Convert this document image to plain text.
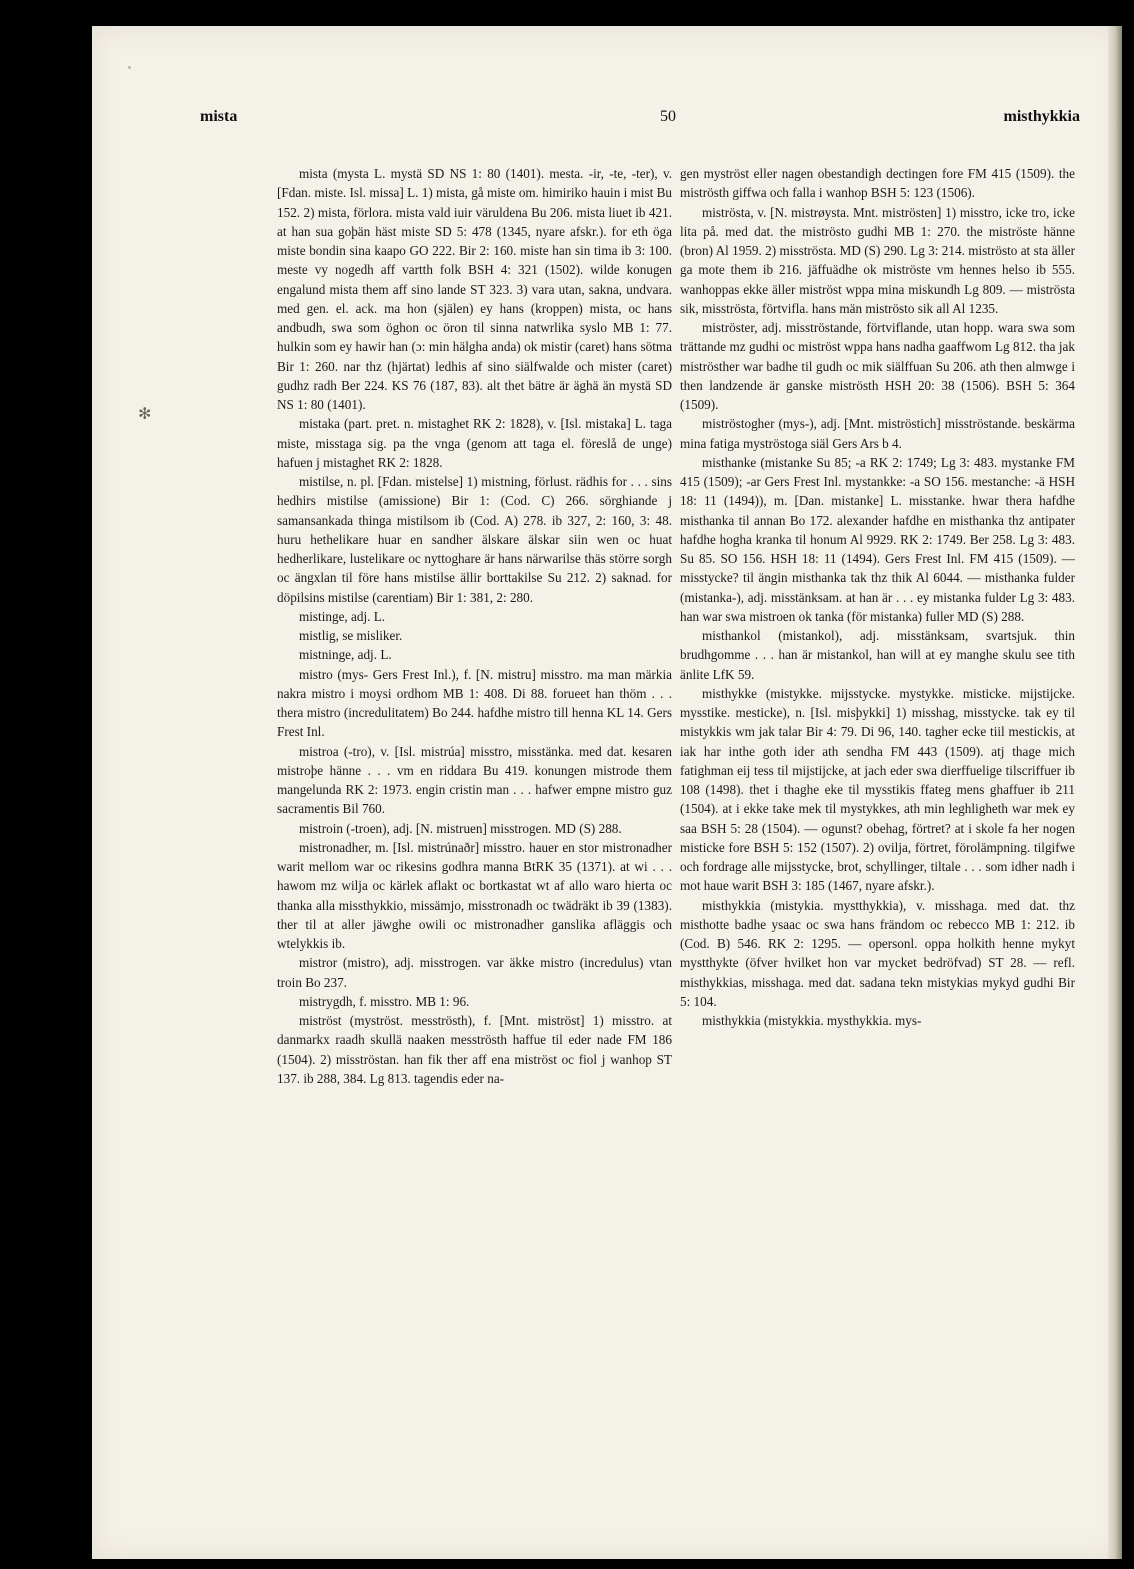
✻
mista	50	misthykkia

mista (mysta L. mystä SD NS 1: 80 (1401). mesta. -ir, -te, -ter), v. [Fdan. miste. Isl. missa] L. 1) mista, gå miste om. himiriko hauin i mist Bu 152. 2) mista, förlora. mista vald iuir väruldena Bu 206. mista liuet ib 421. at han sua goþän häst miste SD 5: 478 (1345, nyare afskr.). for eth öga miste bondin sina kaapo GO 222. Bir 2: 160. miste han sin tima ib 3: 100. meste vy nogedh aff vartth folk BSH 4: 321 (1502). wilde konugen engalund mista them aff sino lande ST 323. 3) vara utan, sakna, undvara. med gen. el. ack. ma hon (själen) ey hans (kroppen) mista, oc hans andbudh, swa som öghon oc öron til sinna natwrlika syslo MB 1: 77. hulkin som ey hawir han (ɔ: min hälgha anda) ok mistir (caret) hans sötma Bir 1: 260. nar thz (hjärtat) ledhis af sino siälfwalde och mister (caret) gudhz radh Ber 224. KS 76 (187, 83). alt thet bätre är äghä än mystä SD NS 1: 80 (1401).

mistaka (part. pret. n. mistaghet RK 2: 1828), v. [Isl. mistaka] L. taga miste, misstaga sig. pa the vnga (genom att taga el. föreslå de unge) hafuen j mistaghet RK 2: 1828.

mistilse, n. pl. [Fdan. mistelse] 1) mistning, förlust. rädhis for . . . sins hedhirs mistilse (amissione) Bir 1: (Cod. C) 266. sörghiande j samansankada thinga mistilsom ib (Cod. A) 278. ib 327, 2: 160, 3: 48. huru hethelikare huar en sandher älskare älskar siin wen oc huat hedherlikare, lustelikare oc nyttoghare är hans närwarilse thäs större sorgh oc ängxlan til före hans mistilse ällir borttakilse Su 212. 2) saknad. for döpilsins mistilse (carentiam) Bir 1: 381, 2: 280.

mistinge, adj. L.

mistlig, se misliker.

mistninge, adj. L.

mistro (mys- Gers Frest Inl.), f. [N. mistru] misstro. ma man märkia nakra mistro i moysi ordhom MB 1: 408. Di 88. forueet han thöm . . . thera mistro (incredulitatem) Bo 244. hafdhe mistro till henna KL 14. Gers Frest Inl.

mistroa (-tro), v. [Isl. mistrúa] misstro, misstänka. med dat. kesaren mistroþe hänne . . . vm en riddara Bu 419. konungen mistrode them mangelunda RK 2: 1973. engin cristin man . . . hafwer empne mistro guz sacramentis Bil 760.

mistroin (-troen), adj. [N. mistruen] misstrogen. MD (S) 288.

mistronadher, m. [Isl. mistrúnaðr] misstro. hauer en stor mistronadher warit mellom war oc rikesins godhra manna BtRK 35 (1371). at wi . . . hawom mz wilja oc kärlek aflakt oc bortkastat wt af allo waro hierta oc thanka alla missthykkio, missämjo, misstronadh oc twädräkt ib 39 (1383). ther til at aller jäwghe owili oc mistronadher ganslika afläggis och wtelykkis ib.

mistror (mistro), adj. misstrogen. var äkke mistro (incredulus) vtan troin Bo 237.

mistrygdh, f. misstro. MB 1: 96.

miströst (myströst. mesströsth), f. [Mnt. miströst] 1) misstro. at danmarkx raadh skullä naaken mesströsth haffue til eder nade FM 186 (1504). 2) misströstan. han fik ther aff ena miströst oc fiol j wanhop ST 137. ib 288, 384. Lg 813. tagendis eder na-

gen myströst eller nagen obestandigh dectingen fore FM 415 (1509). the miströsth giffwa och falla i wanhop BSH 5: 123 (1506).

miströsta, v. [N. mistrøysta. Mnt. miströsten] 1) misstro, icke tro, icke lita på. med dat. the miströsto gudhi MB 1: 270. the miströste hänne (bron) Al 1959. 2) misströsta. MD (S) 290. Lg 3: 214. miströsto at sta äller ga mote them ib 216. jäffuädhe ok miströste vm hennes helso ib 555. wanhoppas ekke äller miströst wppa mina miskundh Lg 809. — miströsta sik, misströsta, förtvifla. hans män miströsto sik all Al 1235.

miströster, adj. misströstande, förtviflande, utan hopp. wara swa som trättande mz gudhi oc miströst wppa hans nadha gaaffwom Lg 812. tha jak miströsther war badhe til gudh oc mik siälffuan Su 206. ath then almwge i then landzende är ganske miströsth HSH 20: 38 (1506). BSH 5: 364 (1509).

miströstogher (mys-), adj. [Mnt. miströstich] misströstande. beskärma mina fatiga myströstoga siäl Gers Ars b 4.

misthanke (mistanke Su 85; -a RK 2: 1749; Lg 3: 483. mystanke FM 415 (1509); -ar Gers Frest Inl. mystankke: -a SO 156. mestanche: -ä HSH 18: 11 (1494)), m. [Dan. mistanke] L. misstanke. hwar thera hafdhe misthanka til annan Bo 172. alexander hafdhe en misthanka thz antipater hafdhe hogha kranka til honum Al 9929. RK 2: 1749. Ber 258. Lg 3: 483. Su 85. SO 156. HSH 18: 11 (1494). Gers Frest Inl. FM 415 (1509). — misstycke? til ängin misthanka tak thz thik Al 6044. — misthanka fulder (mistanka-), adj. misstänksam. at han är . . . ey mistanka fulder Lg 3: 483. han war swa mistroen ok tanka (för mistanka) fuller MD (S) 288.

misthankol (mistankol), adj. misstänksam, svartsjuk. thin brudhgomme . . . han är mistankol, han will at ey manghe skulu see tith änlite LfK 59.

misthykke (mistykke. mijsstycke. mystykke. misticke. mijstijcke. mysstike. mesticke), n. [Isl. misþykki] 1) misshag, misstycke. tak ey til mistykkis wm jak talar Bir 4: 79. Di 96, 140. tagher ecke tiil mestickis, at iak har inthe goth ider ath sendha FM 443 (1509). atj thage mich fatighman eij tess til mijstijcke, at jach eder swa dierffuelige tilscriffuer ib 108 (1498). thet i thaghe eke til mysstikis ffateg mens ghaffuer ib 211 (1504). at i ekke take mek til mystykkes, ath min leghligheth war mek ey saa BSH 5: 28 (1504). — ogunst? obehag, förtret? at i skole fa her nogen misticke fore BSH 5: 152 (1507). 2) ovilja, förtret, förolämpning. tilgifwe och fordrage alle mijsstycke, brot, schyllinger, tiltale . . . som idher nadh i mot haue warit BSH 3: 185 (1467, nyare afskr.).

misthykkia (mistykia. mystthykkia), v. misshaga. med dat. thz misthotte badhe ysaac oc swa hans frändom oc rebecco MB 1: 212. ib (Cod. B) 546. RK 2: 1295. — opersonl. oppa holkith henne mykyt mystthykte (öfver hvilket hon var mycket bedröfvad) ST 28. — refl. misthykkias, misshaga. med dat. sadana tekn mistykias mykyd gudhi Bir 5: 104.

misthykkia (mistykkia. mysthykkia. mys-
